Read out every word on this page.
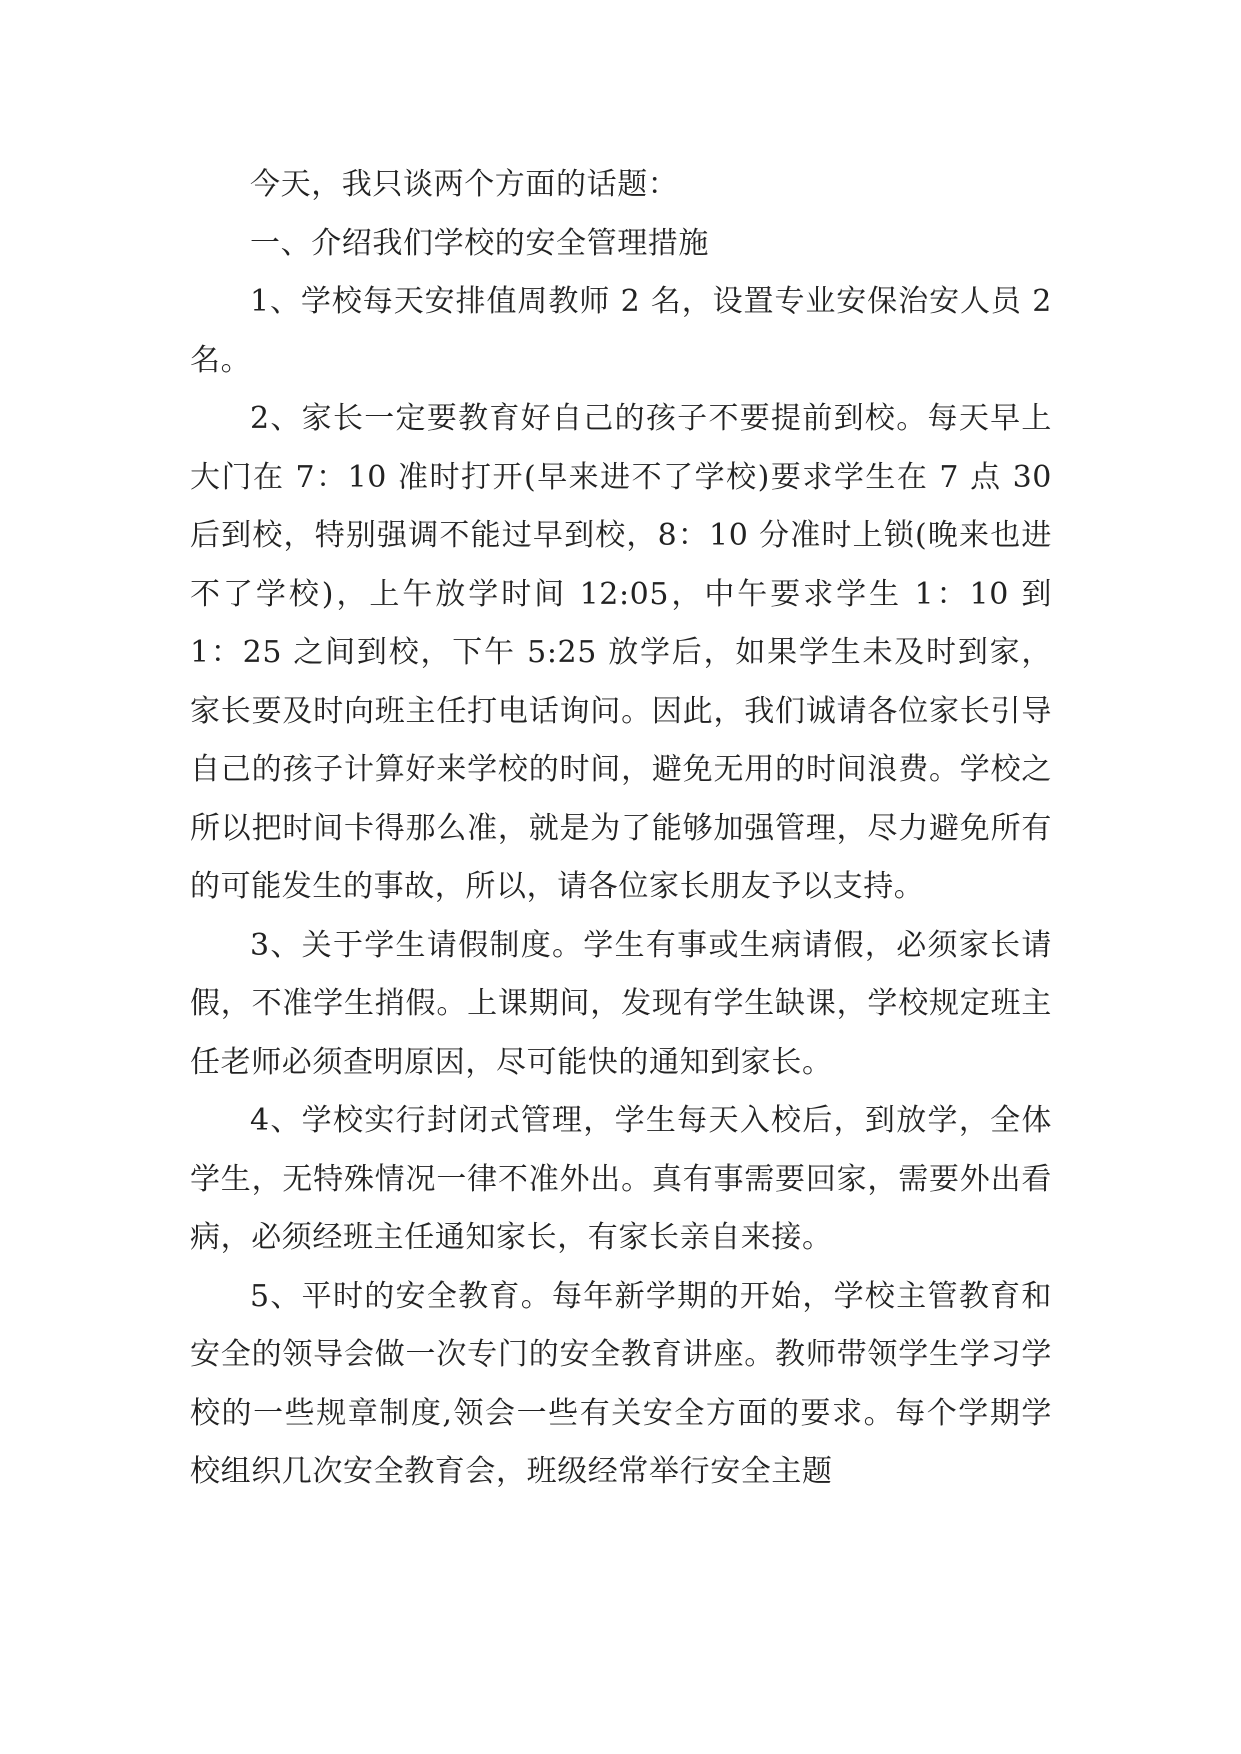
今天，我只谈两个方面的话题：

一、介绍我们学校的安全管理措施

1、学校每天安排值周教师 2 名，设置专业安保治安人员 2 名。

2、家长一定要教育好自己的孩子不要提前到校。每天早上大门在 7：10 准时打开(早来进不了学校)要求学生在 7 点 30 后到校，特别强调不能过早到校，8：10 分准时上锁(晚来也进不了学校)，上午放学时间 12:05，中午要求学生 1：10 到 1：25 之间到校，下午 5:25 放学后，如果学生未及时到家，家长要及时向班主任打电话询问。因此，我们诚请各位家长引导自己的孩子计算好来学校的时间，避免无用的时间浪费。学校之所以把时间卡得那么准，就是为了能够加强管理，尽力避免所有的可能发生的事故，所以，请各位家长朋友予以支持。

3、关于学生请假制度。学生有事或生病请假，必须家长请假，不准学生捎假。上课期间，发现有学生缺课，学校规定班主任老师必须查明原因，尽可能快的通知到家长。

4、学校实行封闭式管理，学生每天入校后，到放学，全体学生，无特殊情况一律不准外出。真有事需要回家，需要外出看病，必须经班主任通知家长，有家长亲自来接。

5、平时的安全教育。每年新学期的开始，学校主管教育和安全的领导会做一次专门的安全教育讲座。教师带领学生学习学校的一些规章制度,领会一些有关安全方面的要求。每个学期学校组织几次安全教育会，班级经常举行安全主题
